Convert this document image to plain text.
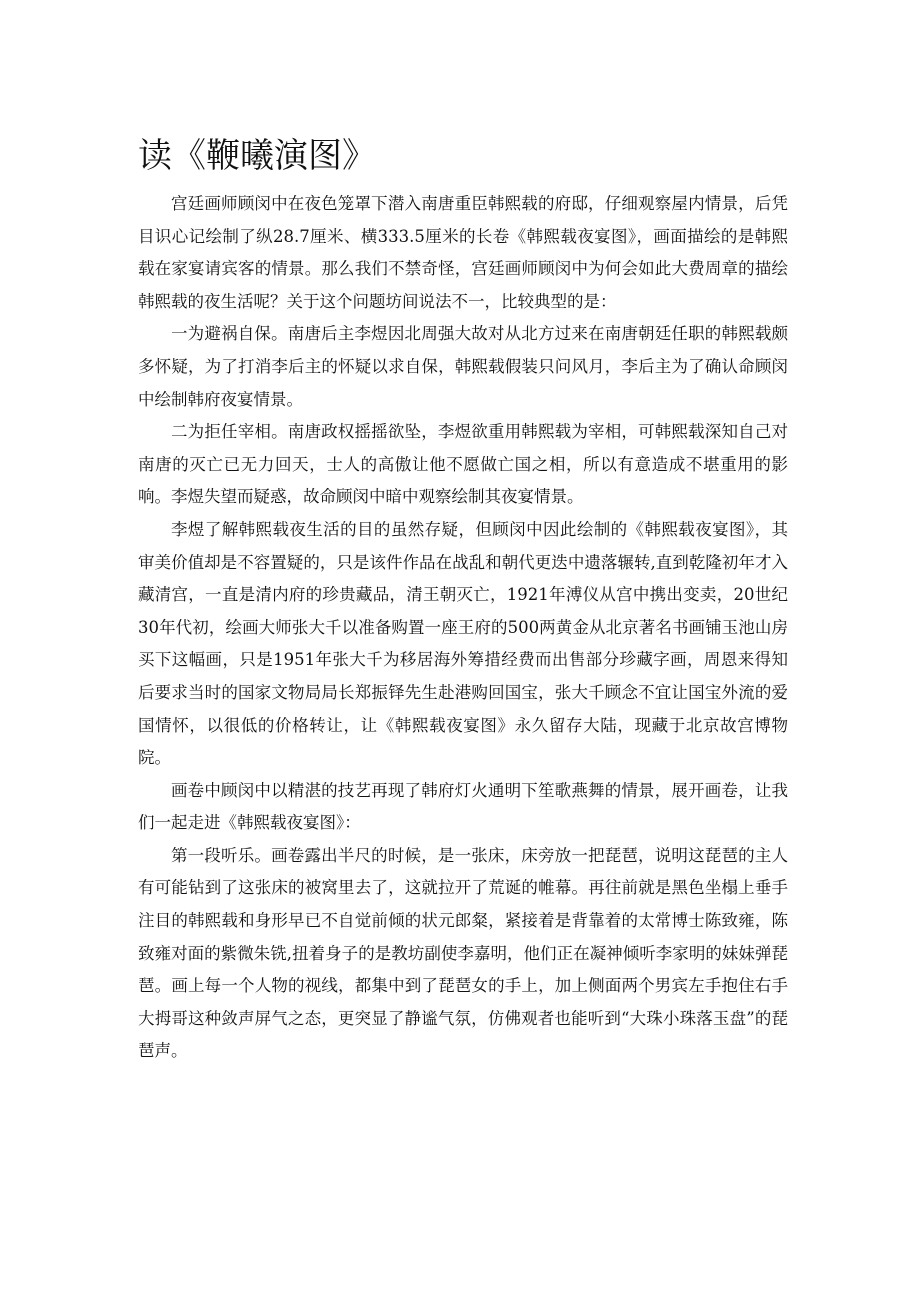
读《鞭曦演图》

宫廷画师顾闵中在夜色笼罩下潜入南唐重臣韩熙载的府邸，仔细观察屋内情景，后凭目识心记绘制了纵28.7厘米、横333.5厘米的长卷《韩熙载夜宴图》，画面描绘的是韩熙载在家宴请宾客的情景。那么我们不禁奇怪，宫廷画师顾闵中为何会如此大费周章的描绘韩熙载的夜生活呢？关于这个问题坊间说法不一，比较典型的是：

一为避祸自保。南唐后主李煜因北周强大故对从北方过来在南唐朝廷任职的韩熙载颇多怀疑，为了打消李后主的怀疑以求自保，韩熙载假装只问风月，李后主为了确认命顾闵中绘制韩府夜宴情景。

二为拒任宰相。南唐政权摇摇欲坠，李煜欲重用韩熙载为宰相，可韩熙载深知自己对南唐的灭亡已无力回天，士人的高傲让他不愿做亡国之相，所以有意造成不堪重用的影响。李煜失望而疑惑，故命顾闵中暗中观察绘制其夜宴情景。

李煜了解韩熙载夜生活的目的虽然存疑，但顾闵中因此绘制的《韩熙载夜宴图》，其审美价值却是不容置疑的，只是该件作品在战乱和朝代更迭中遗落辗转,直到乾隆初年才入藏清宫，一直是清内府的珍贵藏品，清王朝灭亡，1921年溥仪从宫中携出变卖，20世纪30年代初，绘画大师张大千以准备购置一座王府的500两黄金从北京著名书画铺玉池山房买下这幅画，只是1951年张大千为移居海外筹措经费而出售部分珍藏字画，周恩来得知后要求当时的国家文物局局长郑振铎先生赴港购回国宝，张大千顾念不宜让国宝外流的爱国情怀，以很低的价格转让，让《韩熙载夜宴图》永久留存大陆，现藏于北京故宫博物院。

画卷中顾闵中以精湛的技艺再现了韩府灯火通明下笙歌燕舞的情景，展开画卷，让我们一起走进《韩熙载夜宴图》：

第一段听乐。画卷露出半尺的时候，是一张床，床旁放一把琵琶，说明这琵琶的主人有可能钻到了这张床的被窝里去了，这就拉开了荒诞的帷幕。再往前就是黑色坐榻上垂手注目的韩熙载和身形早已不自觉前倾的状元郎粲，紧接着是背靠着的太常博士陈致雍，陈致雍对面的紫微朱铣,扭着身子的是教坊副使李嘉明，他们正在凝神倾听李家明的妹妹弹琵琶。画上每一个人物的视线，都集中到了琵琶女的手上，加上侧面两个男宾左手抱住右手大拇哥这种敛声屏气之态，更突显了静谧气氛，仿佛观者也能听到“大珠小珠落玉盘”的琵琶声。
